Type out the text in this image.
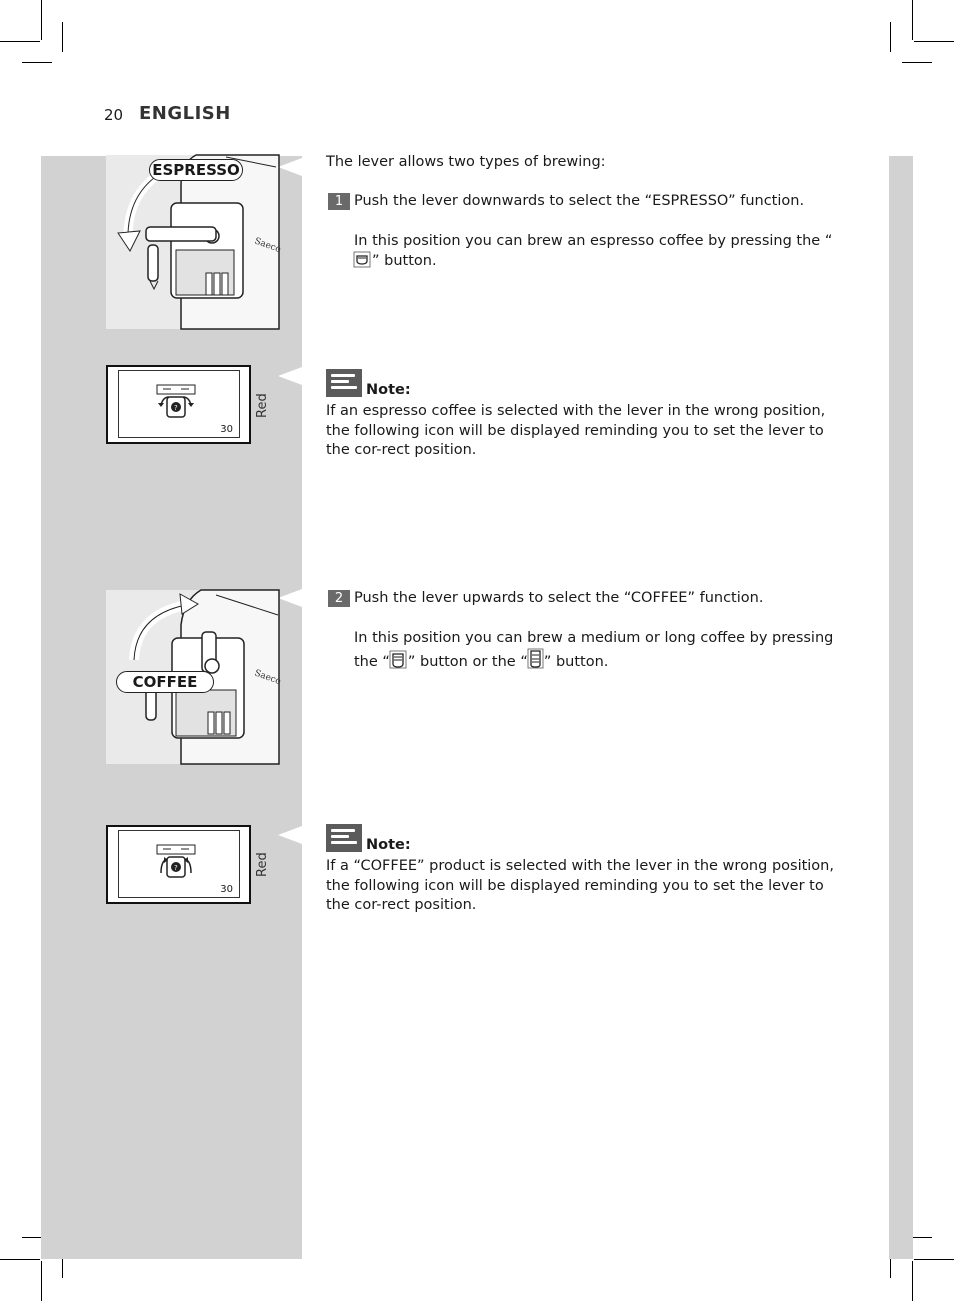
20 ENGLISH
Saeco
ESPRESSO
?
30
Red
Saeco
COFFEE
?
30
Red
The lever allows two types of brewing:
1 Push the lever downwards to select the “ESPRESSO” function.
In this position you can brew an espresso coffee by pressing the “” button.
Note:
If an espresso coffee is selected with the lever in the wrong position, the following icon will be displayed reminding you to set the lever to the cor-rect position.
2 Push the lever upwards to select the “COFFEE” function.
In this position you can brew a medium or long coffee by pressing the “ ” button or the “ ” button.
Note:
If a “COFFEE” product is selected with the lever in the wrong position, the following icon will be displayed reminding you to set the lever to the cor-rect position.
